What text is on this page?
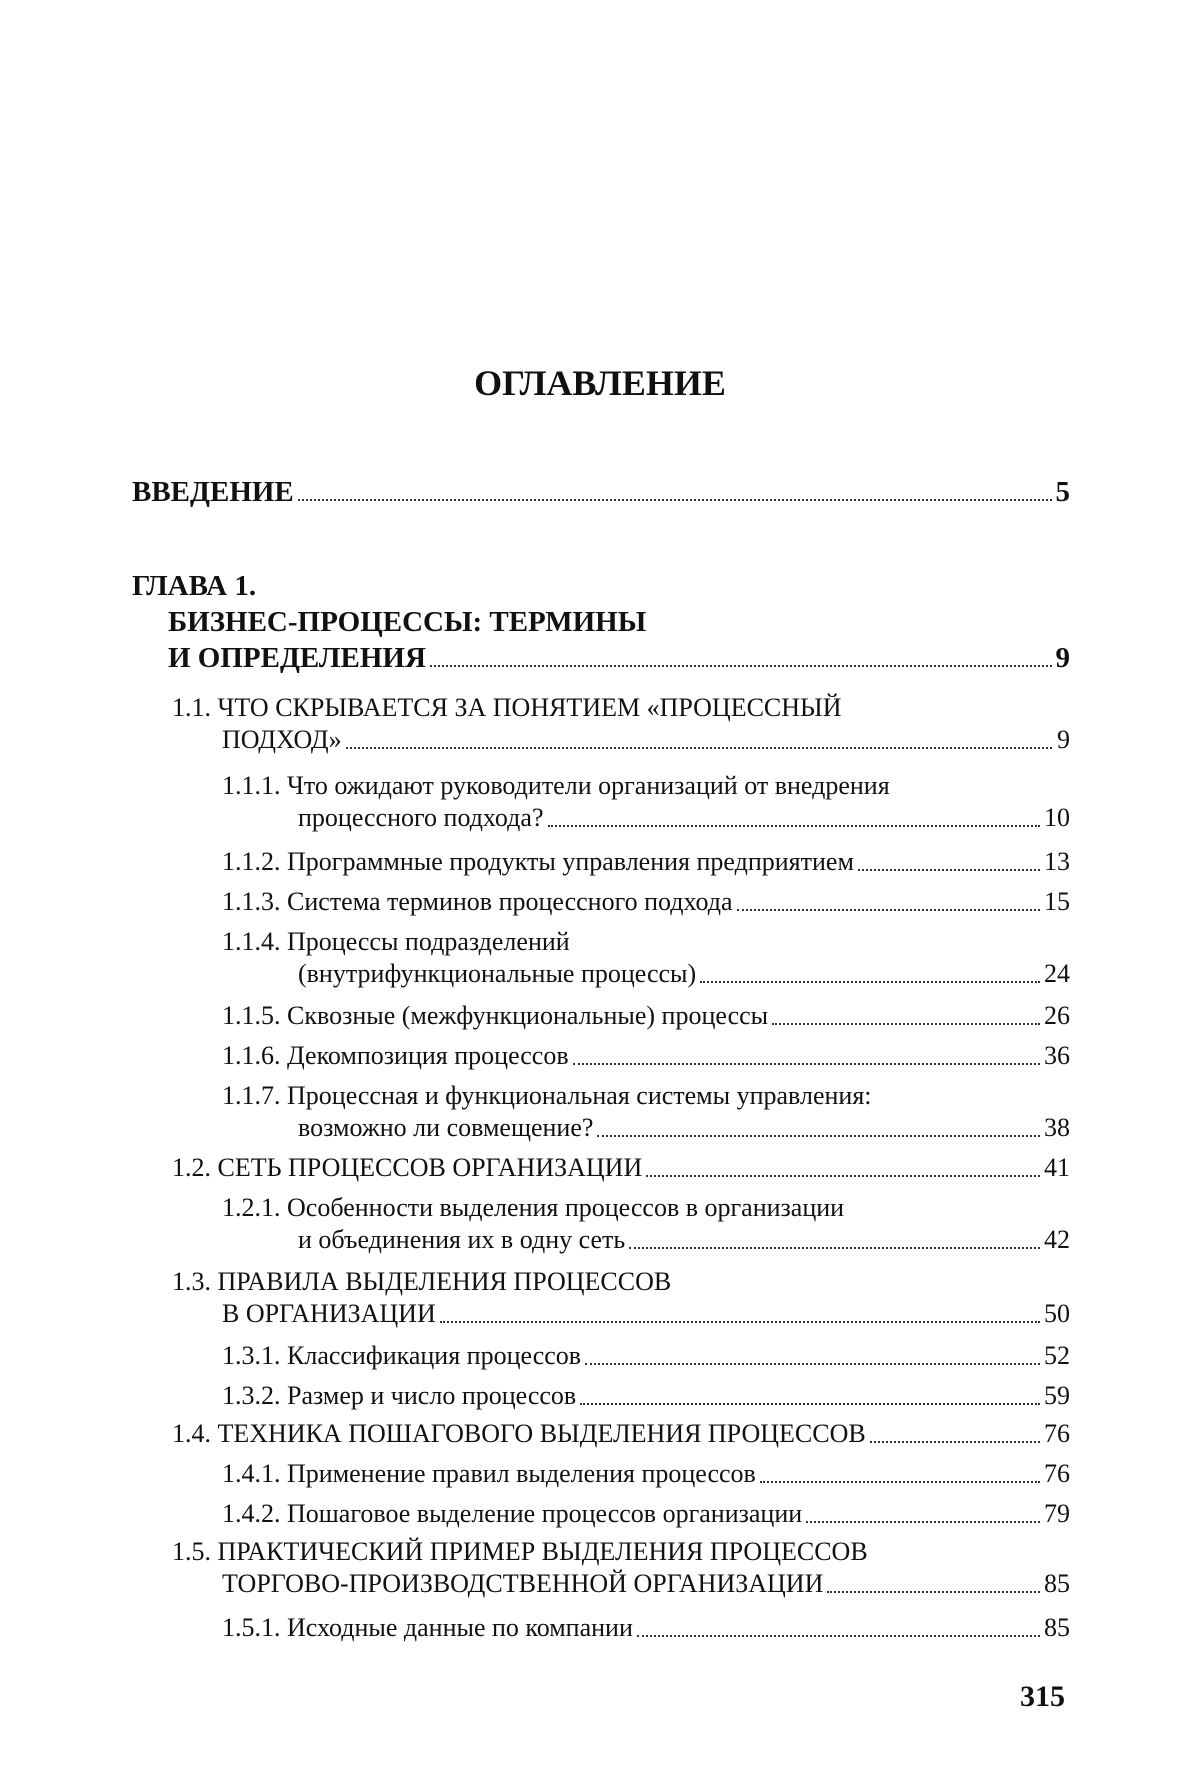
ОГЛАВЛЕНИЕ
ВВЕДЕНИЕ	5
ГЛАВА 1.
БИЗНЕС-ПРОЦЕССЫ: ТЕРМИНЫ
И ОПРЕДЕЛЕНИЯ	9
1.1. ЧТО СКРЫВАЕТСЯ ЗА ПОНЯТИЕМ «ПРОЦЕССНЫЙ
ПОДХОД»	9
1.1.1. Что ожидают руководители организаций от внедрения
процессного подхода?	10
1.1.2. Программные продукты управления предприятием	13
1.1.3. Система терминов процессного подхода	15
1.1.4. Процессы подразделений
(внутрифункциональные процессы)	24
1.1.5. Сквозные (межфункциональные) процессы	26
1.1.6. Декомпозиция процессов	36
1.1.7. Процессная и функциональная системы управления:
возможно ли совмещение?	38
1.2. СЕТЬ ПРОЦЕССОВ ОРГАНИЗАЦИИ	41
1.2.1. Особенности выделения процессов в организации
и объединения их в одну сеть	42
1.3. ПРАВИЛА ВЫДЕЛЕНИЯ ПРОЦЕССОВ
В ОРГАНИЗАЦИИ	50
1.3.1. Классификация процессов	52
1.3.2. Размер и число процессов	59
1.4. ТЕХНИКА ПОШАГОВОГО ВЫДЕЛЕНИЯ ПРОЦЕССОВ	76
1.4.1. Применение правил выделения процессов	76
1.4.2. Пошаговое выделение процессов организации	79
1.5. ПРАКТИЧЕСКИЙ ПРИМЕР ВЫДЕЛЕНИЯ ПРОЦЕССОВ
ТОРГОВО-ПРОИЗВОДСТВЕННОЙ ОРГАНИЗАЦИИ	85
1.5.1. Исходные данные по компании	85
315
